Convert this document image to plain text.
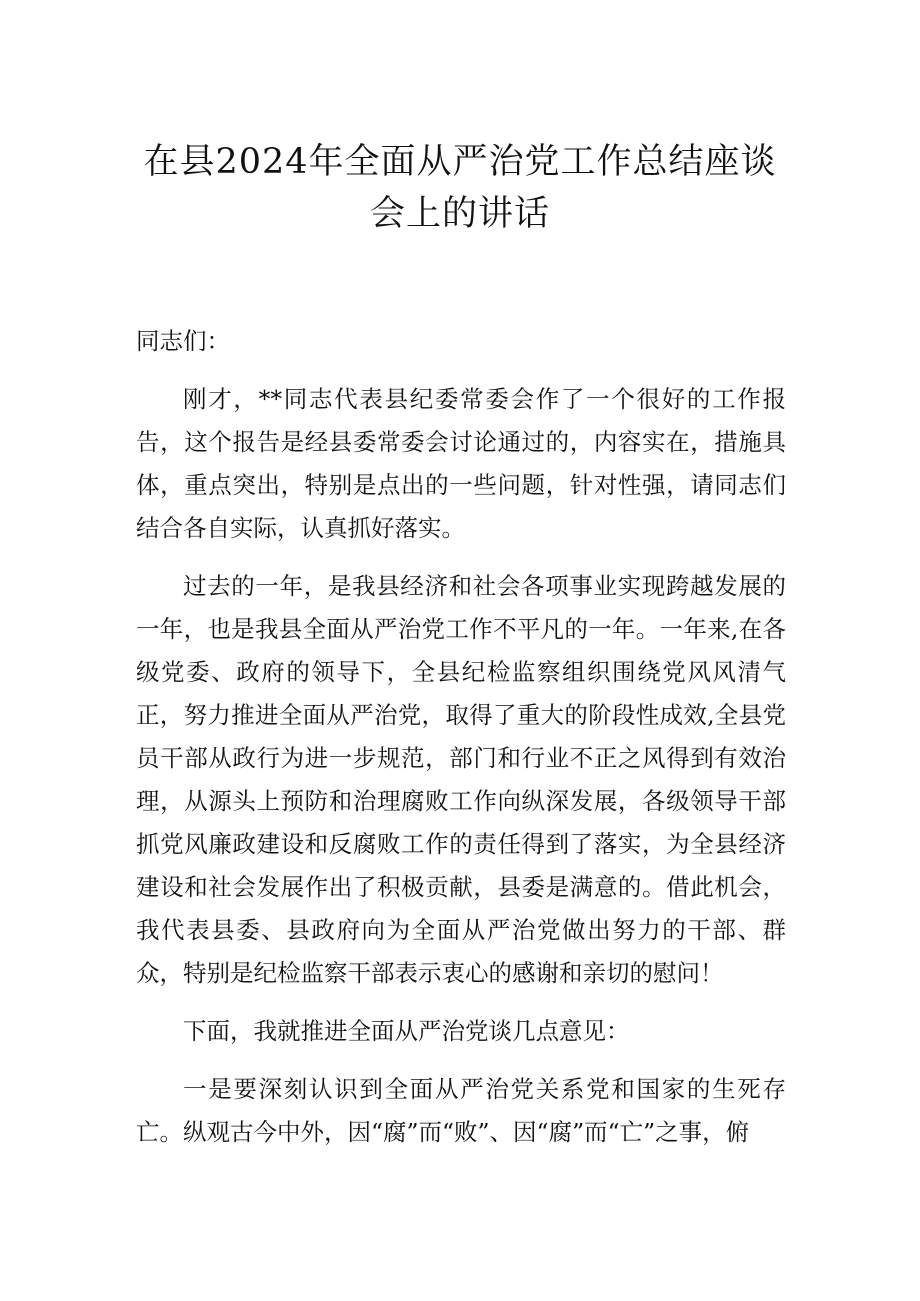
在县2024年全面从严治党工作总结座谈会上的讲话

同志们：

刚才，**同志代表县纪委常委会作了一个很好的工作报告，这个报告是经县委常委会讨论通过的，内容实在，措施具体，重点突出，特别是点出的一些问题，针对性强，请同志们结合各自实际，认真抓好落实。

过去的一年，是我县经济和社会各项事业实现跨越发展的一年，也是我县全面从严治党工作不平凡的一年。一年来,在各级党委、政府的领导下，全县纪检监察组织围绕党风风清气正，努力推进全面从严治党，取得了重大的阶段性成效,全县党员干部从政行为进一步规范，部门和行业不正之风得到有效治理，从源头上预防和治理腐败工作向纵深发展，各级领导干部抓党风廉政建设和反腐败工作的责任得到了落实，为全县经济建设和社会发展作出了积极贡献，县委是满意的。借此机会，我代表县委、县政府向为全面从严治党做出努力的干部、群众，特别是纪检监察干部表示衷心的感谢和亲切的慰问！

下面，我就推进全面从严治党谈几点意见：

一是要深刻认识到全面从严治党关系党和国家的生死存亡。纵观古今中外，因“腐”而“败”、因“腐”而“亡”之事，俯
